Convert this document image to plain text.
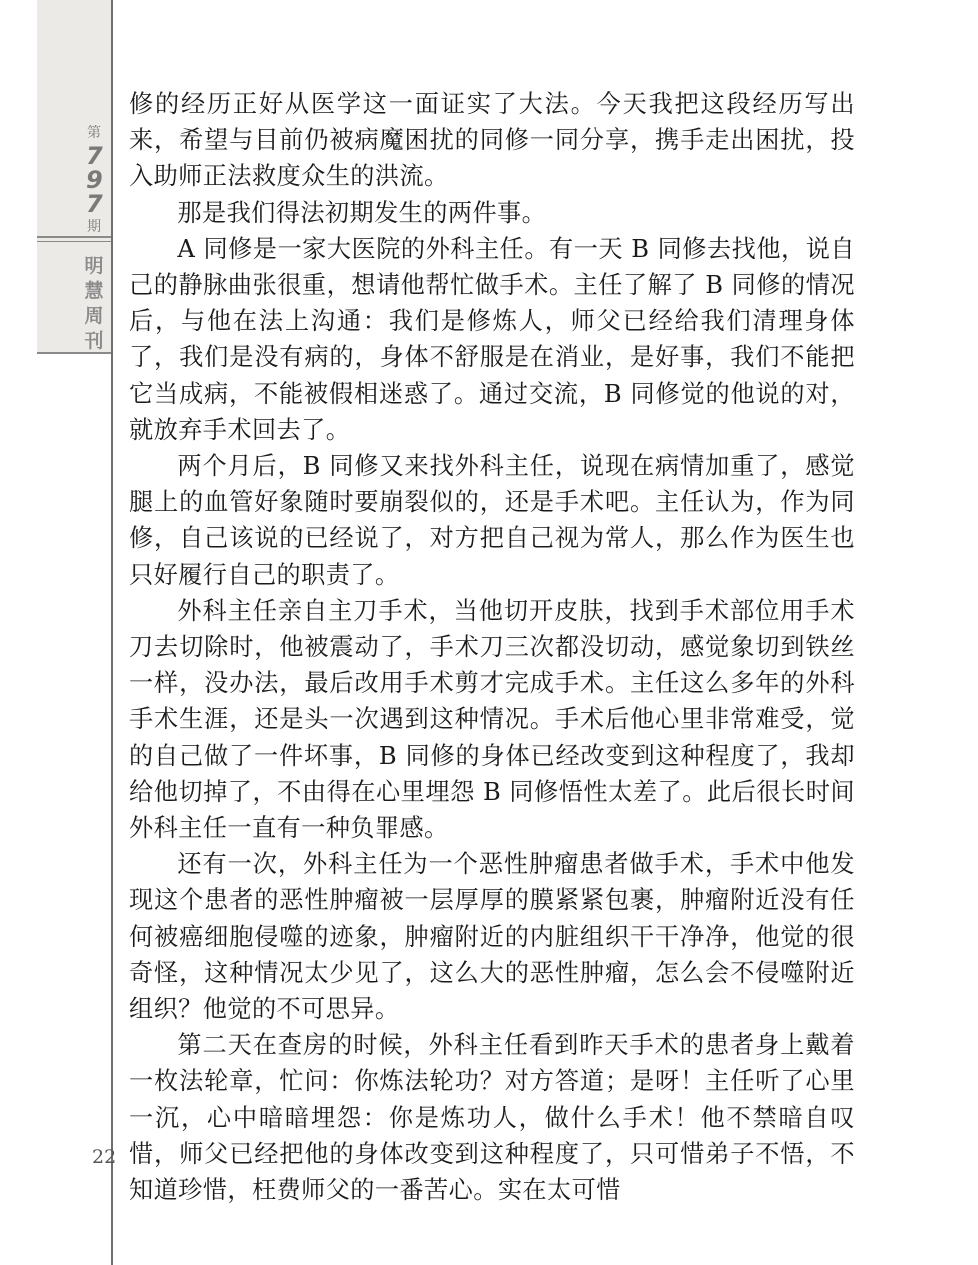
第
797
期
明慧周刊
22

修的经历正好从医学这一面证实了大法。今天我把这段经历写出来，希望与目前仍被病魔困扰的同修一同分享，携手走出困扰，投入助师正法救度众生的洪流。

那是我们得法初期发生的两件事。

A 同修是一家大医院的外科主任。有一天 B 同修去找他，说自己的静脉曲张很重，想请他帮忙做手术。主任了解了 B 同修的情况后，与他在法上沟通：我们是修炼人，师父已经给我们清理身体了，我们是没有病的，身体不舒服是在消业，是好事，我们不能把它当成病，不能被假相迷惑了。通过交流，B 同修觉的他说的对，就放弃手术回去了。

两个月后，B 同修又来找外科主任，说现在病情加重了，感觉腿上的血管好象随时要崩裂似的，还是手术吧。主任认为，作为同修，自己该说的已经说了，对方把自己视为常人，那么作为医生也只好履行自己的职责了。

外科主任亲自主刀手术，当他切开皮肤，找到手术部位用手术刀去切除时，他被震动了，手术刀三次都没切动，感觉象切到铁丝一样，没办法，最后改用手术剪才完成手术。主任这么多年的外科手术生涯，还是头一次遇到这种情况。手术后他心里非常难受，觉的自己做了一件坏事，B 同修的身体已经改变到这种程度了，我却给他切掉了，不由得在心里埋怨 B 同修悟性太差了。此后很长时间外科主任一直有一种负罪感。

还有一次，外科主任为一个恶性肿瘤患者做手术，手术中他发现这个患者的恶性肿瘤被一层厚厚的膜紧紧包裹，肿瘤附近没有任何被癌细胞侵噬的迹象，肿瘤附近的内脏组织干干净净，他觉的很奇怪，这种情况太少见了，这么大的恶性肿瘤，怎么会不侵噬附近组织？他觉的不可思异。

第二天在查房的时候，外科主任看到昨天手术的患者身上戴着一枚法轮章，忙问：你炼法轮功？对方答道；是呀！主任听了心里一沉，心中暗暗埋怨：你是炼功人，做什么手术！他不禁暗自叹惜，师父已经把他的身体改变到这种程度了，只可惜弟子不悟，不知道珍惜，枉费师父的一番苦心。实在太可惜
